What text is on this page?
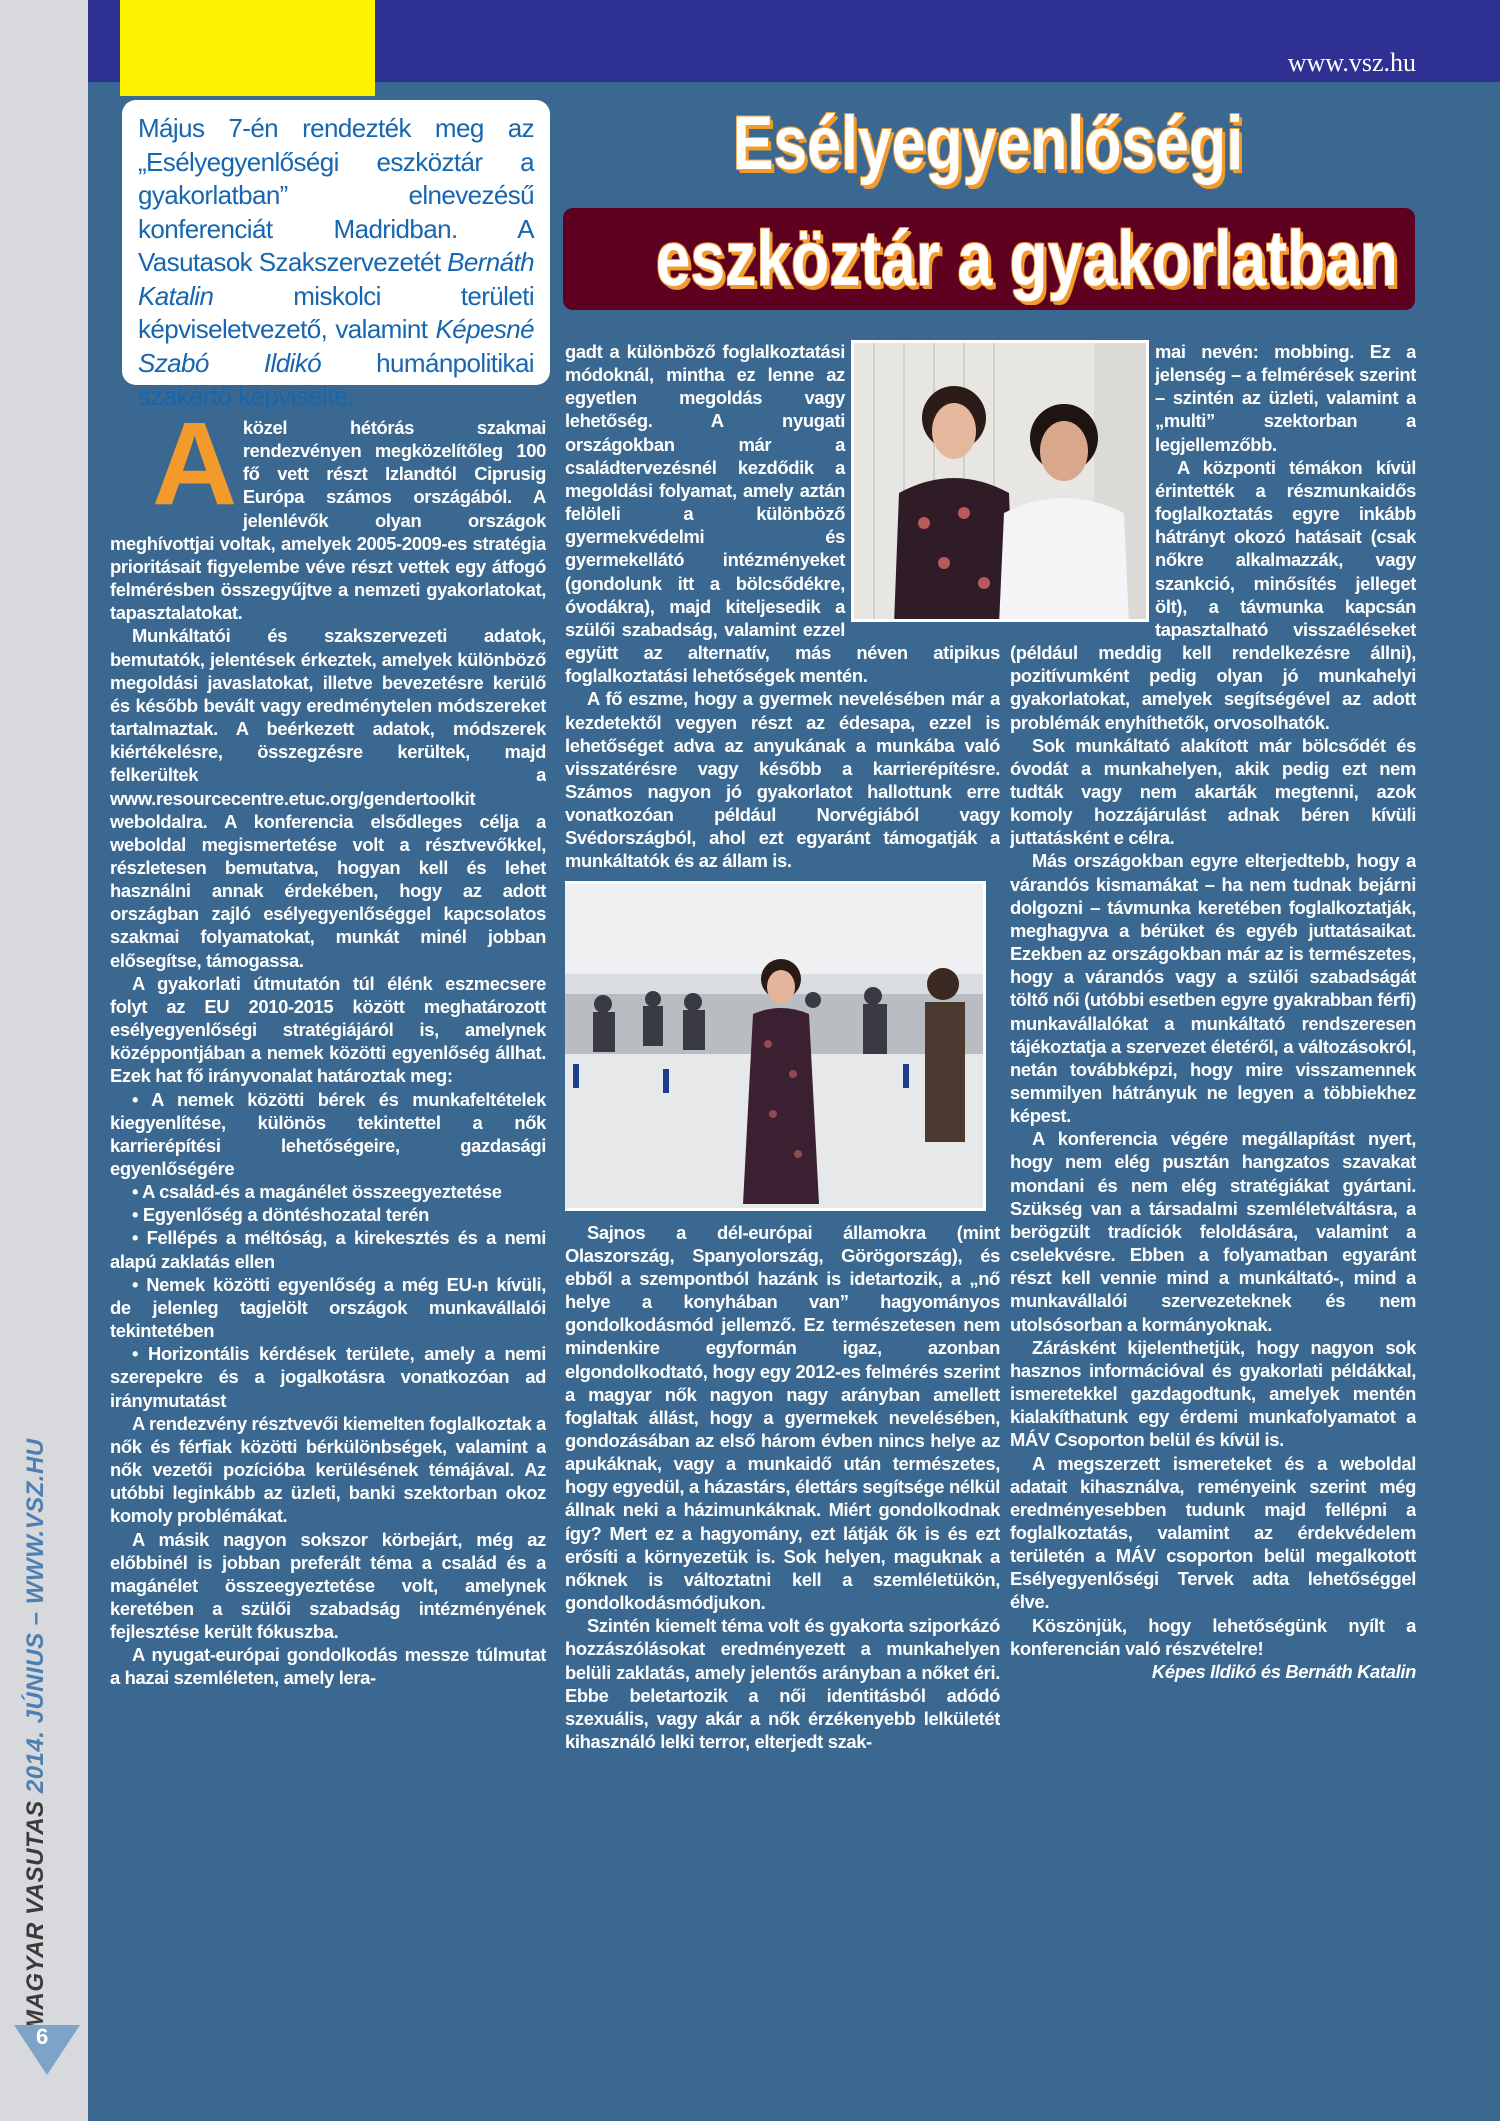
www.vsz.hu
MAGYAR VASUTAS 2014. JÚNIUS – WWW.VSZ.HU
6
Május 7-én rendezték meg az „Esélyegyenlőségi eszköztár a gyakorlatban” elnevezésű konferenciát Madridban. A Vasutasok Szakszervezetét Bernáth Katalin miskolci területi képviseletvezető, valamint Képesné Szabó Ildikó humánpolitikai szakértő képviselte.
Esélyegyenlőségi
eszköztár a gyakorlatban
A közel hétórás szakmai rendezvényen megközelítőleg 100 fő vett részt Izlandtól Ciprusig Európa számos országából. A jelenlévők olyan országok meghívottjai voltak, amelyek 2005-2009-es stratégia prioritásait figyelembe véve részt vettek egy átfogó felmérésben összegyűjtve a nemzeti gyakorlatokat, tapasztalatokat.

Munkáltatói és szakszervezeti adatok, bemutatók, jelentések érkeztek, amelyek különböző megoldási javaslatokat, illetve bevezetésre kerülő és később bevált vagy eredménytelen módszereket tartalmaztak. A beérkezett adatok, módszerek kiértékelésre, összegzésre kerültek, majd felkerültek a www.resourcecentre.etuc.org/gendertoolkit weboldalra. A konferencia elsődleges célja a weboldal megismertetése volt a résztvevőkkel, részletesen bemutatva, hogyan kell és lehet használni annak érdekében, hogy az adott országban zajló esélyegyenlőséggel kapcsolatos szakmai folyamatokat, munkát minél jobban elősegítse, támogassa.

A gyakorlati útmutatón túl élénk eszmecsere folyt az EU 2010-2015 között meghatározott esélyegyenlőségi stratégiájáról is, amelynek középpontjában a nemek közötti egyenlőség állhat. Ezek hat fő irányvonalat határoztak meg:

• A nemek közötti bérek és munkafeltételek kiegyenlítése, különös tekintettel a nők karrierépítési lehetőségeire, gazdasági egyenlőségére

• A család-és a magánélet összeegyeztetése

• Egyenlőség a döntéshozatal terén

• Fellépés a méltóság, a kirekesztés és a nemi alapú zaklatás ellen

• Nemek közötti egyenlőség a még EU-n kívüli, de jelenleg tagjelölt országok munkavállalói tekintetében

• Horizontális kérdések területe, amely a nemi szerepekre és a jogalkotásra vonatkozóan ad iránymutatást

A rendezvény résztvevői kiemelten foglalkoztak a nők és férfiak közötti bérkülönbségek, valamint a nők vezetői pozícióba kerülésének témájával. Az utóbbi leginkább az üzleti, banki szektorban okoz komoly problémákat.

A másik nagyon sokszor körbejárt, még az előbbinél is jobban preferált téma a család és a magánélet összeegyeztetése volt, amelynek keretében a szülői szabadság intézményének fejlesztése került fókuszba.

A nyugat-európai gondolkodás messze túlmutat a hazai szemléleten, amely lera-

gadt a különböző foglalkoztatási módoknál, mintha ez lenne az egyetlen megoldás vagy lehetőség. A nyugati országokban már a családtervezésnél kezdődik a megoldási folyamat, amely aztán felöleli a különböző gyermekvédelmi és gyermekellátó intézményeket (gondolunk itt a bölcsődékre, óvodákra), majd kiteljesedik a szülői szabadság, valamint ezzel együtt az alternatív, más néven atipikus foglalkoztatási lehetőségek mentén.

A fő eszme, hogy a gyermek nevelésében már a kezdetektől vegyen részt az édesapa, ezzel is lehetőséget adva az anyukának a munkába való visszatérésre vagy később a karrierépítésre. Számos nagyon jó gyakorlatot hallottunk erre vonatkozóan például Norvégiából vagy Svédországból, ahol ezt egyaránt támogatják a munkáltatók és az állam is.

Sajnos a dél-európai államokra (mint Olaszország, Spanyolország, Görögország), és ebből a szempontból hazánk is idetartozik, a „nő helye a konyhában van” hagyományos gondolkodásmód jellemző. Ez természetesen nem mindenkire egyformán igaz, azonban elgondolkodtató, hogy egy 2012-es felmérés szerint a magyar nők nagyon nagy arányban amellett foglaltak állást, hogy a gyermekek nevelésében, gondozásában az első három évben nincs helye az apukáknak, vagy a munkaidő után természetes, hogy egyedül, a házastárs, élettárs segítsége nélkül állnak neki a házimunkáknak. Miért gondolkodnak így? Mert ez a hagyomány, ezt látják ők is és ezt erősíti a környezetük is. Sok helyen, maguknak a nőknek is változtatni kell a szemléletükön, gondolkodásmódjukon.

Szintén kiemelt téma volt és gyakorta sziporkázó hozzászólásokat eredményezett a munkahelyen belüli zaklatás, amely jelentős arányban a nőket éri. Ebbe beletartozik a női identitásból adódó szexuális, vagy akár a nők érzékenyebb lelkületét kihasználó lelki terror, elterjedt szak-

mai nevén: mobbing. Ez a jelenség – a felmérések szerint – szintén az üzleti, valamint a „multi” szektorban a legjellemzőbb.

A központi témákon kívül érintették a részmunkaidős foglalkoztatás egyre inkább hátrányt okozó hatásait (csak nőkre alkalmazzák, vagy szankció, minősítés jelleget ölt), a távmunka kapcsán tapasztalható visszaéléseket (például meddig kell rendelkezésre állni), pozitívumként pedig olyan jó munkahelyi gyakorlatokat, amelyek segítségével az adott problémák enyhíthetők, orvosolhatók.

Sok munkáltató alakított már bölcsődét és óvodát a munkahelyen, akik pedig ezt nem tudták vagy nem akarták megtenni, azok komoly hozzájárulást adnak béren kívüli juttatásként e célra.

Más országokban egyre elterjedtebb, hogy a várandós kismamákat – ha nem tudnak bejárni dolgozni – távmunka keretében foglalkoztatják, meghagyva a bérüket és egyéb juttatásaikat. Ezekben az országokban már az is természetes, hogy a várandós vagy a szülői szabadságát töltő női (utóbbi esetben egyre gyakrabban férfi) munkavállalókat a munkáltató rendszeresen tájékoztatja a szervezet életéről, a változásokról, netán továbbképzi, hogy mire visszamennek semmilyen hátrányuk ne legyen a többiekhez képest.

A konferencia végére megállapítást nyert, hogy nem elég pusztán hangzatos szavakat mondani és nem elég stratégiákat gyártani. Szükség van a társadalmi szemléletváltásra, a berögzült tradíciók feloldására, valamint a cselekvésre. Ebben a folyamatban egyaránt részt kell vennie mind a munkáltató-, mind a munkavállalói szervezeteknek és nem utolsósorban a kormányoknak.

Zárásként kijelenthetjük, hogy nagyon sok hasznos információval és gyakorlati példákkal, ismeretekkel gazdagodtunk, amelyek mentén kialakíthatunk egy érdemi munkafolyamatot a MÁV Csoporton belül és kívül is.

A megszerzett ismereteket és a weboldal adatait kihasználva, reményeink szerint még eredményesebben tudunk majd fellépni a foglalkoztatás, valamint az érdekvédelem területén a MÁV csoporton belül megalkotott Esélyegyenlőségi Tervek adta lehetőséggel élve.

Köszönjük, hogy lehetőségünk nyílt a konferencián való részvételre!

Képes Ildikó és Bernáth Katalin
